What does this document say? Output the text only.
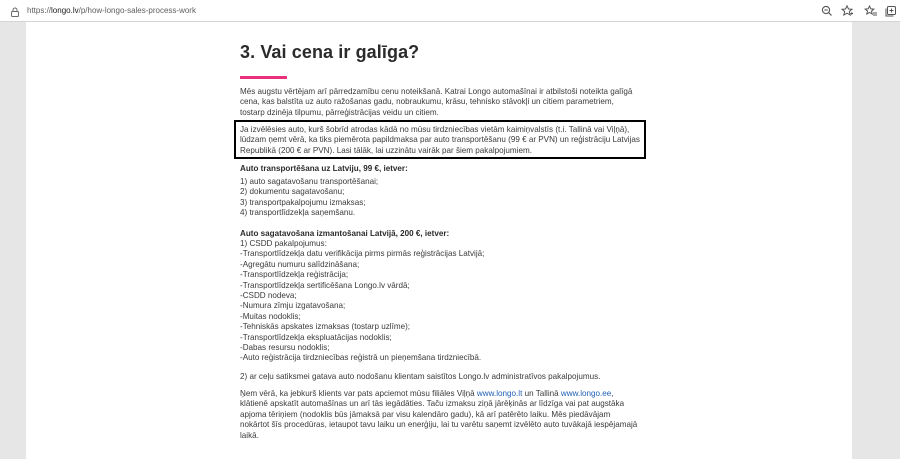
https://longo.lv/p/how-longo-sales-process-work
3. Vai cena ir galīga?

Mēs augstu vērtējam arī pārredzamību cenu noteikšanā. Katrai Longo automašīnai ir atbilstoši noteikta galīgā cena, kas balstīta uz auto ražošanas gadu, nobraukumu, krāsu, tehnisko stāvokļi un citiem parametriem, tostarp dzinēja tilpumu, pārreģistrācijas veidu un citiem.

Ja izvēlēsies auto, kurš šobrīd atrodas kādā no mūsu tirdzniecības vietām kaimiņvalstīs (t.i. Tallinā vai Viļņā), lūdzam ņemt vērā, ka tiks piemērota papildmaksa par auto transportēšanu (99 € ar PVN) un reģistrāciju Latvijas Republikā (200 € ar PVN). Lasi tālāk, lai uzzinātu vairāk par šiem pakalpojumiem.

Auto transportēšana uz Latviju, 99 €, ietver:

1) auto sagatavošanu transportēšanai;
2) dokumentu sagatavošanu;
3) transportpakalpojumu izmaksas;
4) transportlīdzekļa saņemšanu.

Auto sagatavošana izmantošanai Latvijā, 200 €, ietver:

1) CSDD pakalpojumus:
-Transportlīdzekļa datu verifikācija pirms pirmās reģistrācijas Latvijā;
-Agregātu numuru salīdzināšana;
-Transportlīdzekļa reģistrācija;
-Transportlīdzekļa sertificēšana Longo.lv vārdā;
-CSDD nodeva;
-Numura zīmju izgatavošana;
-Muitas nodoklis;
-Tehniskās apskates izmaksas (tostarp uzlīme);
-Transportlīdzekļa ekspluatācijas nodoklis;
-Dabas resursu nodoklis;
-Auto reģistrācija tirdzniecības reģistrā un pieņemšana tirdzniecībā.

2) ar ceļu satiksmei gatava auto nodošanu klientam saistītos Longo.lv administratīvos pakalpojumus.

Ņem vērā, ka jebkurš klients var pats apciemot mūsu filiāles Viļņā www.longo.lt un Tallinā www.longo.ee, klātienē apskatīt automašīnas un arī tās iegādāties. Taču izmaksu ziņā jārēķinās ar līdzīga vai pat augstāka apjoma tēriņiem (nodoklis būs jāmaksā par visu kalendāro gadu), kā arī patērēto laiku. Mēs piedāvājam nokārtot šīs procedūras, ietaupot tavu laiku un enerģiju, lai tu varētu saņemt izvēlēto auto tuvākajā iespējamajā laikā.
